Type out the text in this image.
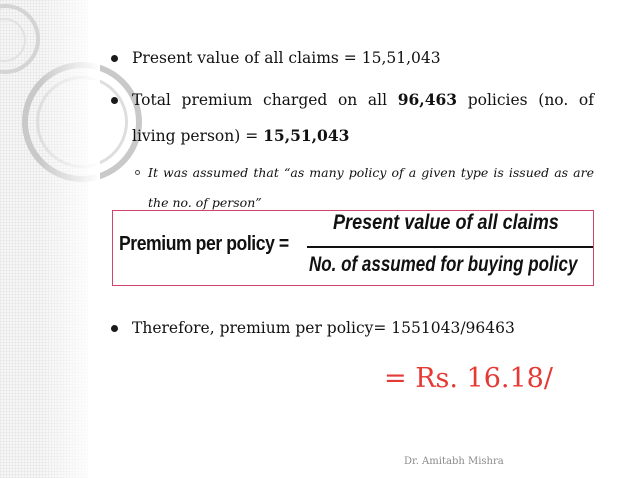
Present value of all claims = 15,51,043
Total premium charged on all 96,463 policies (no. of living person) = 15,51,043
It was assumed that “as many policy of a given type is issued as are the no. of person”
Premium per policy =
Present value of all claims
No. of assumed for buying policy
Therefore, premium per policy= 1551043/96463
= Rs. 16.18/
Dr. Amitabh Mishra
